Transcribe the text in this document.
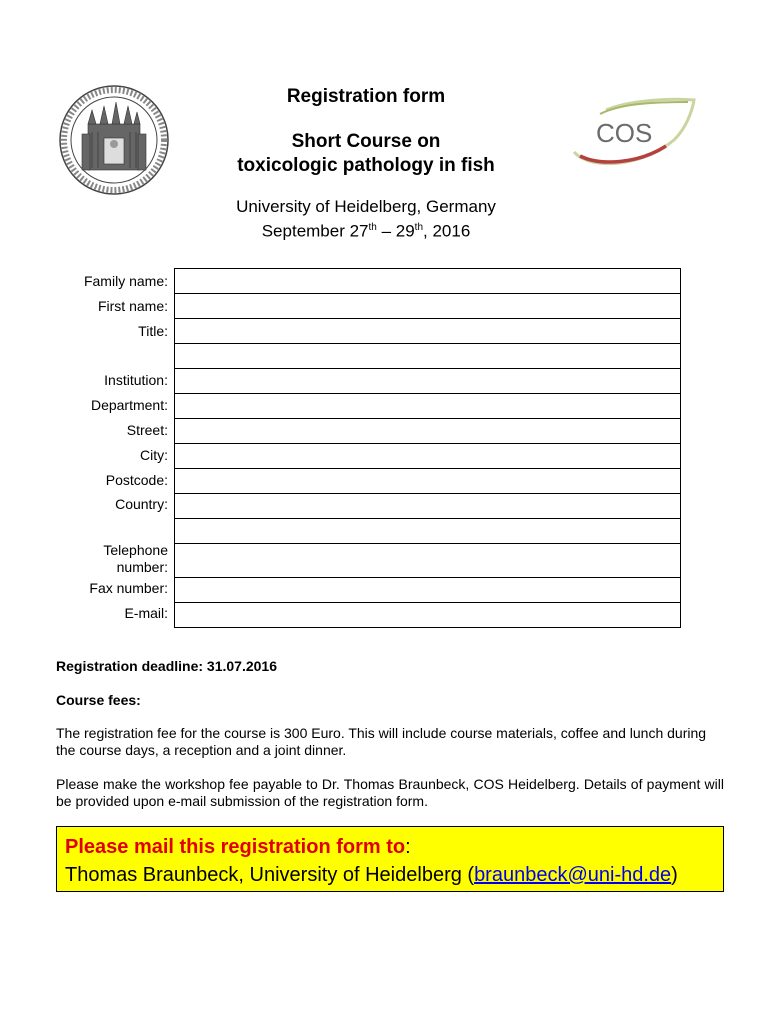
COS
Registration form
Short Course on
toxicologic pathology in fish
University of Heidelberg, Germany
September 27th – 29th, 2016
Family name:
First name:
Title:
Institution:
Department:
Street:
City:
Postcode:
Country:
Telephone
number:
Fax number:
E-mail:
Registration deadline: 31.07.2016
Course fees:
The registration fee for the course is 300 Euro. This will include course materials, coffee and lunch during the course days, a reception and a joint dinner.
Please make the workshop fee payable to Dr. Thomas Braunbeck, COS Heidelberg. Details of payment will be provided upon e-mail submission of the registration form.
Please mail this registration form to:
Thomas Braunbeck, University of Heidelberg (braunbeck@uni-hd.de)
